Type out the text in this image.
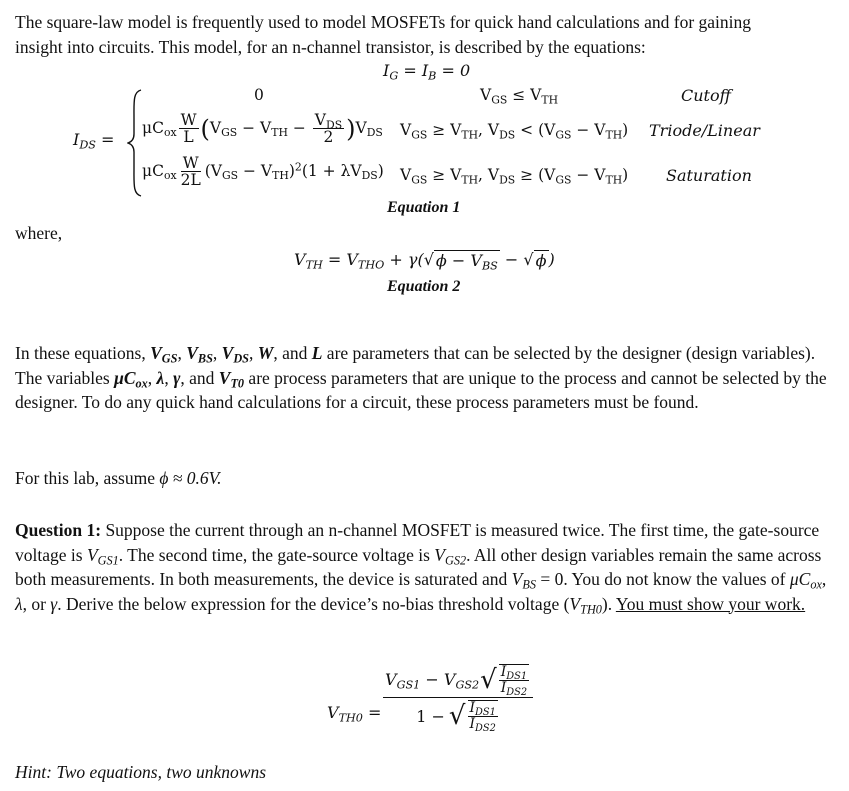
The square-law model is frequently used to model MOSFETs for quick hand calculations and for gaining
insight into circuits. This model, for an n-channel transistor, is described by the equations:
$I_G = I_B = 0$
$I_{DS}$ =
0
$\mu C_{ox} \frac{W}{L} (V_{GS} - V_{TH} - \frac{V_{DS}}{2} )V_{DS}$
$\mu C_{ox} \frac{W}{2L} (V_{GS} - V_{TH})^2(1 + \lambda V_{DS})$
$V_{GS} \le V_{TH}$
$V_{GS} \ge V_{TH}$, $V_{DS} < (V_{GS} - V_{TH})$
$V_{GS} \ge V_{TH}$, $V_{DS} \ge (V_{GS} - V_{TH})$
Cutoff
Triode/Linear
Saturation
Equation 1
where,
$V_{TH} = V_{THO} + \gamma$( √ $\phi - V_{BS}$ − √ ϕ )
Equation 2
In these equations, $V_{GS}$, $V_{BS}$, $V_{DS}$, W, and L are parameters that can be selected by the designer (design variables). The variables $\mu C_{ox}$, λ, γ, and $V_{T0}$ are process parameters that are unique to the process and cannot be selected by the designer. To do any quick hand calculations for a circuit, these process parameters must be found.
For this lab, assume ϕ ≈ 0.6V.
Question 1: Suppose the current through an n-channel MOSFET is measured twice. The first time, the gate-source voltage is $V_{GS1}$. The second time, the gate-source voltage is $V_{GS2}$. All other design variables remain the same across both measurements. In both measurements, the device is saturated and $V_{BS} = 0$. You do not know the values of $\mu C_{ox}$, λ, or γ. Derive the below expression for the device’s no-bias threshold voltage $(V_{TH0})$. You must show your work.
$V_{TH0}$ =
$V_{GS1} - V_{GS2}$ √ $\frac{I_{DS1}}{I_{DS2}}$
1 − √ $\frac{I_{DS1}}{I_{DS2}}$
Hint: Two equations, two unknowns
